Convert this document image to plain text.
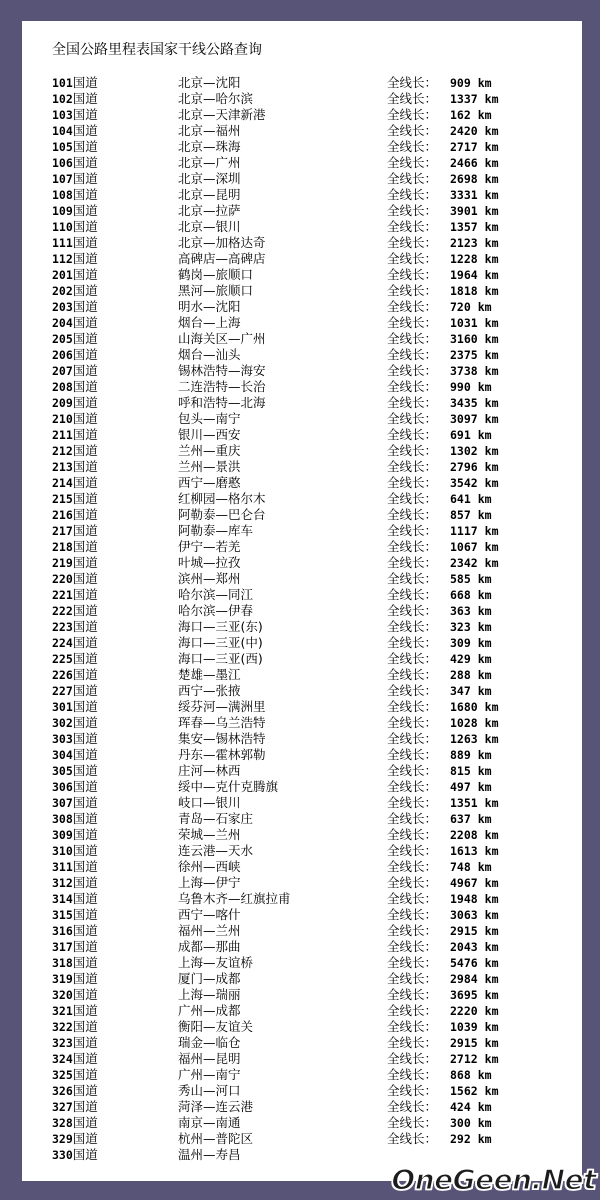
全国公路里程表国家干线公路查询
101国道	北京—沈阳	全线长： 909 km
102国道	北京—哈尔滨	全线长： 1337 km
103国道	北京—天津新港	全线长： 162 km
104国道	北京—福州	全线长： 2420 km
105国道	北京—珠海	全线长： 2717 km
106国道	北京—广州	全线长： 2466 km
107国道	北京—深圳	全线长： 2698 km
108国道	北京—昆明	全线长： 3331 km
109国道	北京—拉萨	全线长： 3901 km
110国道	北京—银川	全线长： 1357 km
111国道	北京—加格达奇	全线长： 2123 km
112国道	高碑店—高碑店	全线长： 1228 km
201国道	鹤岗—旅顺口	全线长： 1964 km
202国道	黑河—旅顺口	全线长： 1818 km
203国道	明水—沈阳	全线长： 720 km
204国道	烟台—上海	全线长： 1031 km
205国道	山海关区—广州	全线长： 3160 km
206国道	烟台—汕头	全线长： 2375 km
207国道	锡林浩特—海安	全线长： 3738 km
208国道	二连浩特—长治	全线长： 990 km
209国道	呼和浩特—北海	全线长： 3435 km
210国道	包头—南宁	全线长： 3097 km
211国道	银川—西安	全线长： 691 km
212国道	兰州—重庆	全线长： 1302 km
213国道	兰州—景洪	全线长： 2796 km
214国道	西宁—磨憨	全线长： 3542 km
215国道	红柳园—格尔木	全线长： 641 km
216国道	阿勒泰—巴仑台	全线长： 857 km
217国道	阿勒泰—库车	全线长： 1117 km
218国道	伊宁—若羌	全线长： 1067 km
219国道	叶城—拉孜	全线长： 2342 km
220国道	滨州—郑州	全线长： 585 km
221国道	哈尔滨—同江	全线长： 668 km
222国道	哈尔滨—伊春	全线长： 363 km
223国道	海口—三亚(东)	全线长： 323 km
224国道	海口—三亚(中)	全线长： 309 km
225国道	海口—三亚(西)	全线长： 429 km
226国道	楚雄—墨江	全线长： 288 km
227国道	西宁—张掖	全线长： 347 km
301国道	绥芬河—满洲里	全线长： 1680 km
302国道	珲春—乌兰浩特	全线长： 1028 km
303国道	集安—锡林浩特	全线长： 1263 km
304国道	丹东—霍林郭勒	全线长： 889 km
305国道	庄河—林西	全线长： 815 km
306国道	绥中—克什克腾旗	全线长： 497 km
307国道	岐口—银川	全线长： 1351 km
308国道	青岛—石家庄	全线长： 637 km
309国道	荣城—兰州	全线长： 2208 km
310国道	连云港—天水	全线长： 1613 km
311国道	徐州—西峡	全线长： 748 km
312国道	上海—伊宁	全线长： 4967 km
314国道	乌鲁木齐—红旗拉甫	全线长： 1948 km
315国道	西宁—喀什	全线长： 3063 km
316国道	福州—兰州	全线长： 2915 km
317国道	成都—那曲	全线长： 2043 km
318国道	上海—友谊桥	全线长： 5476 km
319国道	厦门—成都	全线长： 2984 km
320国道	上海—瑞丽	全线长： 3695 km
321国道	广州—成都	全线长： 2220 km
322国道	衡阳—友谊关	全线长： 1039 km
323国道	瑞金—临仓	全线长： 2915 km
324国道	福州—昆明	全线长： 2712 km
325国道	广州—南宁	全线长： 868 km
326国道	秀山—河口	全线长： 1562 km
327国道	菏泽—连云港	全线长： 424 km
328国道	南京—南通	全线长： 300 km
329国道	杭州—普陀区	全线长： 292 km
330国道	温州—寿昌
OneGeen.Net
